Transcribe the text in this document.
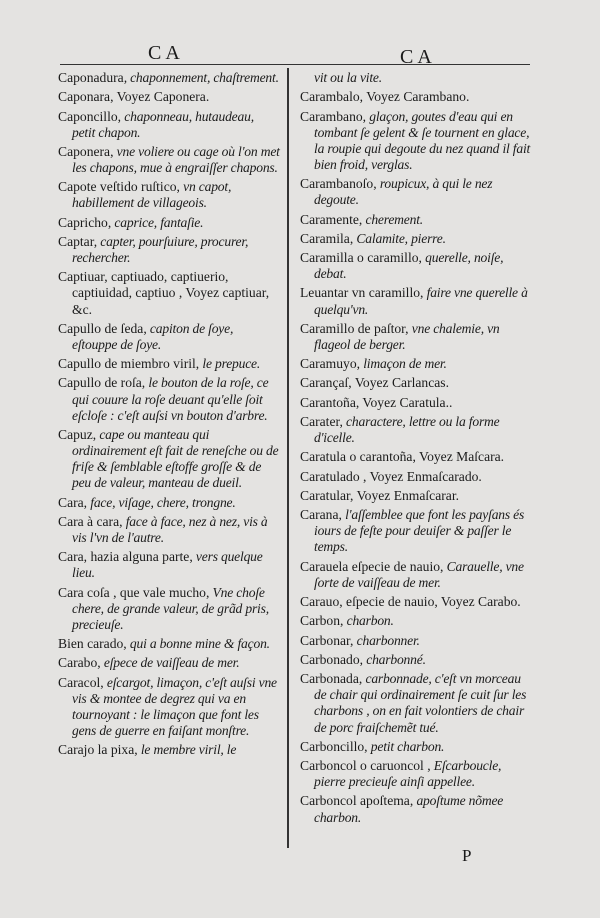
CA	CA

Caponadura, chaponnement, chaſtrement.

Caponara, Voyez Caponera.

Caponcillo, chaponneau, hutaudeau, petit chapon.

Caponera, vne voliere ou cage où l'on met les chapons, mue à engraiſſer chapons.

Capote veſtido ruſtico, vn capot, habillement de villageois.

Capricho, caprice, fantaſie.

Captar, capter, pourſuiure, procurer, rechercher.

Captiuar, captiuado, captiuerio, captiuidad, captiuo , Voyez captiuar, &c.

Capullo de ſeda, capiton de ſoye, eſtouppe de ſoye.

Capullo de miembro viril, le prepuce.

Capullo de roſa, le bouton de la roſe, ce qui couure la roſe deuant qu'elle ſoit eſcloſe : c'eſt auſsi vn bouton d'arbre.

Capuz, cape ou manteau qui ordinairement eſt fait de reneſche ou de friſe & ſemblable eſtoffe groſſe & de peu de valeur, manteau de dueil.

Cara, face, viſage, chere, trongne.

Cara à cara, face à face, nez à nez, vis à vis l'vn de l'autre.

Cara, hazia alguna parte, vers quelque lieu.

Cara coſa , que vale mucho, Vne choſe chere, de grande valeur, de grãd pris, precieuſe.

Bien carado, qui a bonne mine & façon.

Carabo, eſpece de vaiſſeau de mer.

Caracol, eſcargot, limaçon, c'eſt auſsi vne vis & montee de degrez qui va en tournoyant : le limaçon que font les gens de guerre en faiſant monſtre.

Carajo la pixa, le membre viril, le

vit ou la vite.

Carambalo, Voyez Carambano.

Carambano, glaçon, goutes d'eau qui en tombant ſe gelent & ſe tournent en glace, la roupie qui degoute du nez quand il fait bien froid, verglas.

Carambanoſo, roupicux, à qui le nez degoute.

Caramente, cherement.

Caramila, Calamite, pierre.

Caramilla o caramillo, querelle, noiſe, debat.

Leuantar vn caramillo, faire vne querelle à quelqu'vn.

Caramillo de paſtor, vne chalemie, vn flageol de berger.

Caramuyo, limaçon de mer.

Carançaſ, Voyez Carlancas.

Carantoña, Voyez Caratula..

Carater, charactere, lettre ou la forme d'icelle.

Caratula o carantoña, Voyez Maſcara.

Caratulado , Voyez Enmaſcarado.

Caratular, Voyez Enmaſcarar.

Carana, l'aſſemblee que font les payſans és iours de feſte pour deuiſer & paſſer le temps.

Carauela eſpecie de nauio, Carauelle, vne ſorte de vaiſſeau de mer.

Carauo, eſpecie de nauio, Voyez Carabo.

Carbon, charbon.

Carbonar, charbonner.

Carbonado, charbonné.

Carbonada, carbonnade, c'eſt vn morceau de chair qui ordinairement ſe cuit ſur les charbons , on en fait volontiers de chair de porc fraiſchemẽt tué.

Carboncillo, petit charbon.

Carboncol o caruoncol , Eſcarboucle, pierre precieuſe ainſi appellee.

Carboncol apoſtema, apoſtume nõmee charbon.

P
